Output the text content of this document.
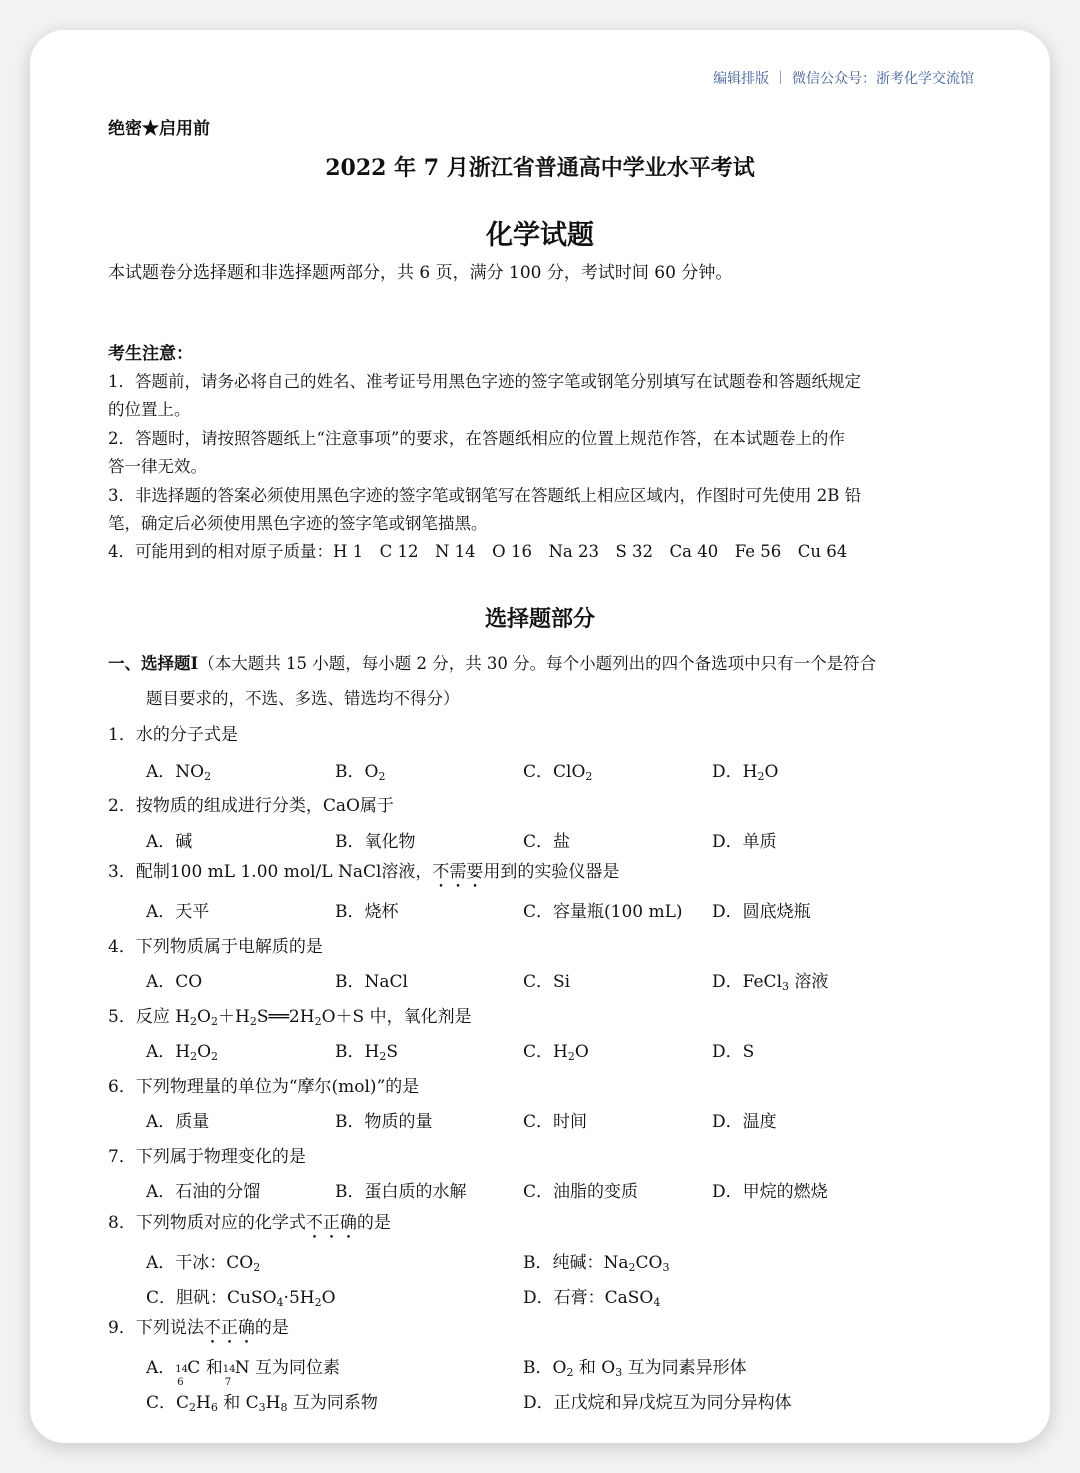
编辑排版 ｜ 微信公众号：浙考化学交流馆
绝密★启用前
2022 年 7 月浙江省普通高中学业水平考试
化学试题
本试题卷分选择题和非选择题两部分，共 6 页，满分 100 分，考试时间 60 分钟。
考生注意：
1．答题前，请务必将自己的姓名、准考证号用黑色字迹的签字笔或钢笔分别填写在试题卷和答题纸规定
的位置上。
2．答题时，请按照答题纸上“注意事项”的要求，在答题纸相应的位置上规范作答，在本试题卷上的作
答一律无效。
3．非选择题的答案必须使用黑色字迹的签字笔或钢笔写在答题纸上相应区域内，作图时可先使用 2B 铅
笔，确定后必须使用黑色字迹的签字笔或钢笔描黑。
4．可能用到的相对原子质量：H 1　C 12　N 14　O 16　Na 23　S 32　Ca 40　Fe 56　Cu 64
选择题部分
一、选择题Ⅰ（本大题共 15 小题，每小题 2 分，共 30 分。每个小题列出的四个备选项中只有一个是符合
题目要求的，不选、多选、错选均不得分）
1．水的分子式是
A．$NO_2$	B．$O_2$	C．ClO$_2$	D．$H_2O$
2．按物质的组成进行分类，CaO属于
A．碱	B．氧化物	C．盐	D．单质
3．配制100 mL 1.00 mol/L NaCl溶液，不需要用到的实验仪器是
A．天平	B．烧杯	C．容量瓶(100 mL) D．圆底烧瓶
4．下列物质属于电解质的是
A．CO	B．NaCl	C．Si	D．FeCl$_3$ 溶液
5．反应 $H_2O_2+H_2S══2H_2O+S$ 中，氧化剂是
A．$H_2O_2$	B．$H_2S$	C．$H_2O$	D．S
6．下列物理量的单位为“摩尔(mol)”的是
A．质量	B．物质的量	C．时间	D．温度
7．下列属于物理变化的是
A．石油的分馏	B．蛋白质的水解	C．油脂的变质	D．甲烷的燃烧
8．下列物质对应的化学式不正确的是
A．干冰：$CO_2$	B．纯碱：$Na_2CO_3$
C．胆矾：$CuSO_4\cdot 5H_2O$	D．石膏：CaSO$_4$
9．下列说法不正确的是
A． 14
6
C 和 14
7
N 互为同位素	B．$O_2$ 和 $O_3$ 互为同素异形体
C．$C_2H_6$ 和 $C_3H_8$ 互为同系物	D．正戊烷和异戊烷互为同分异构体
